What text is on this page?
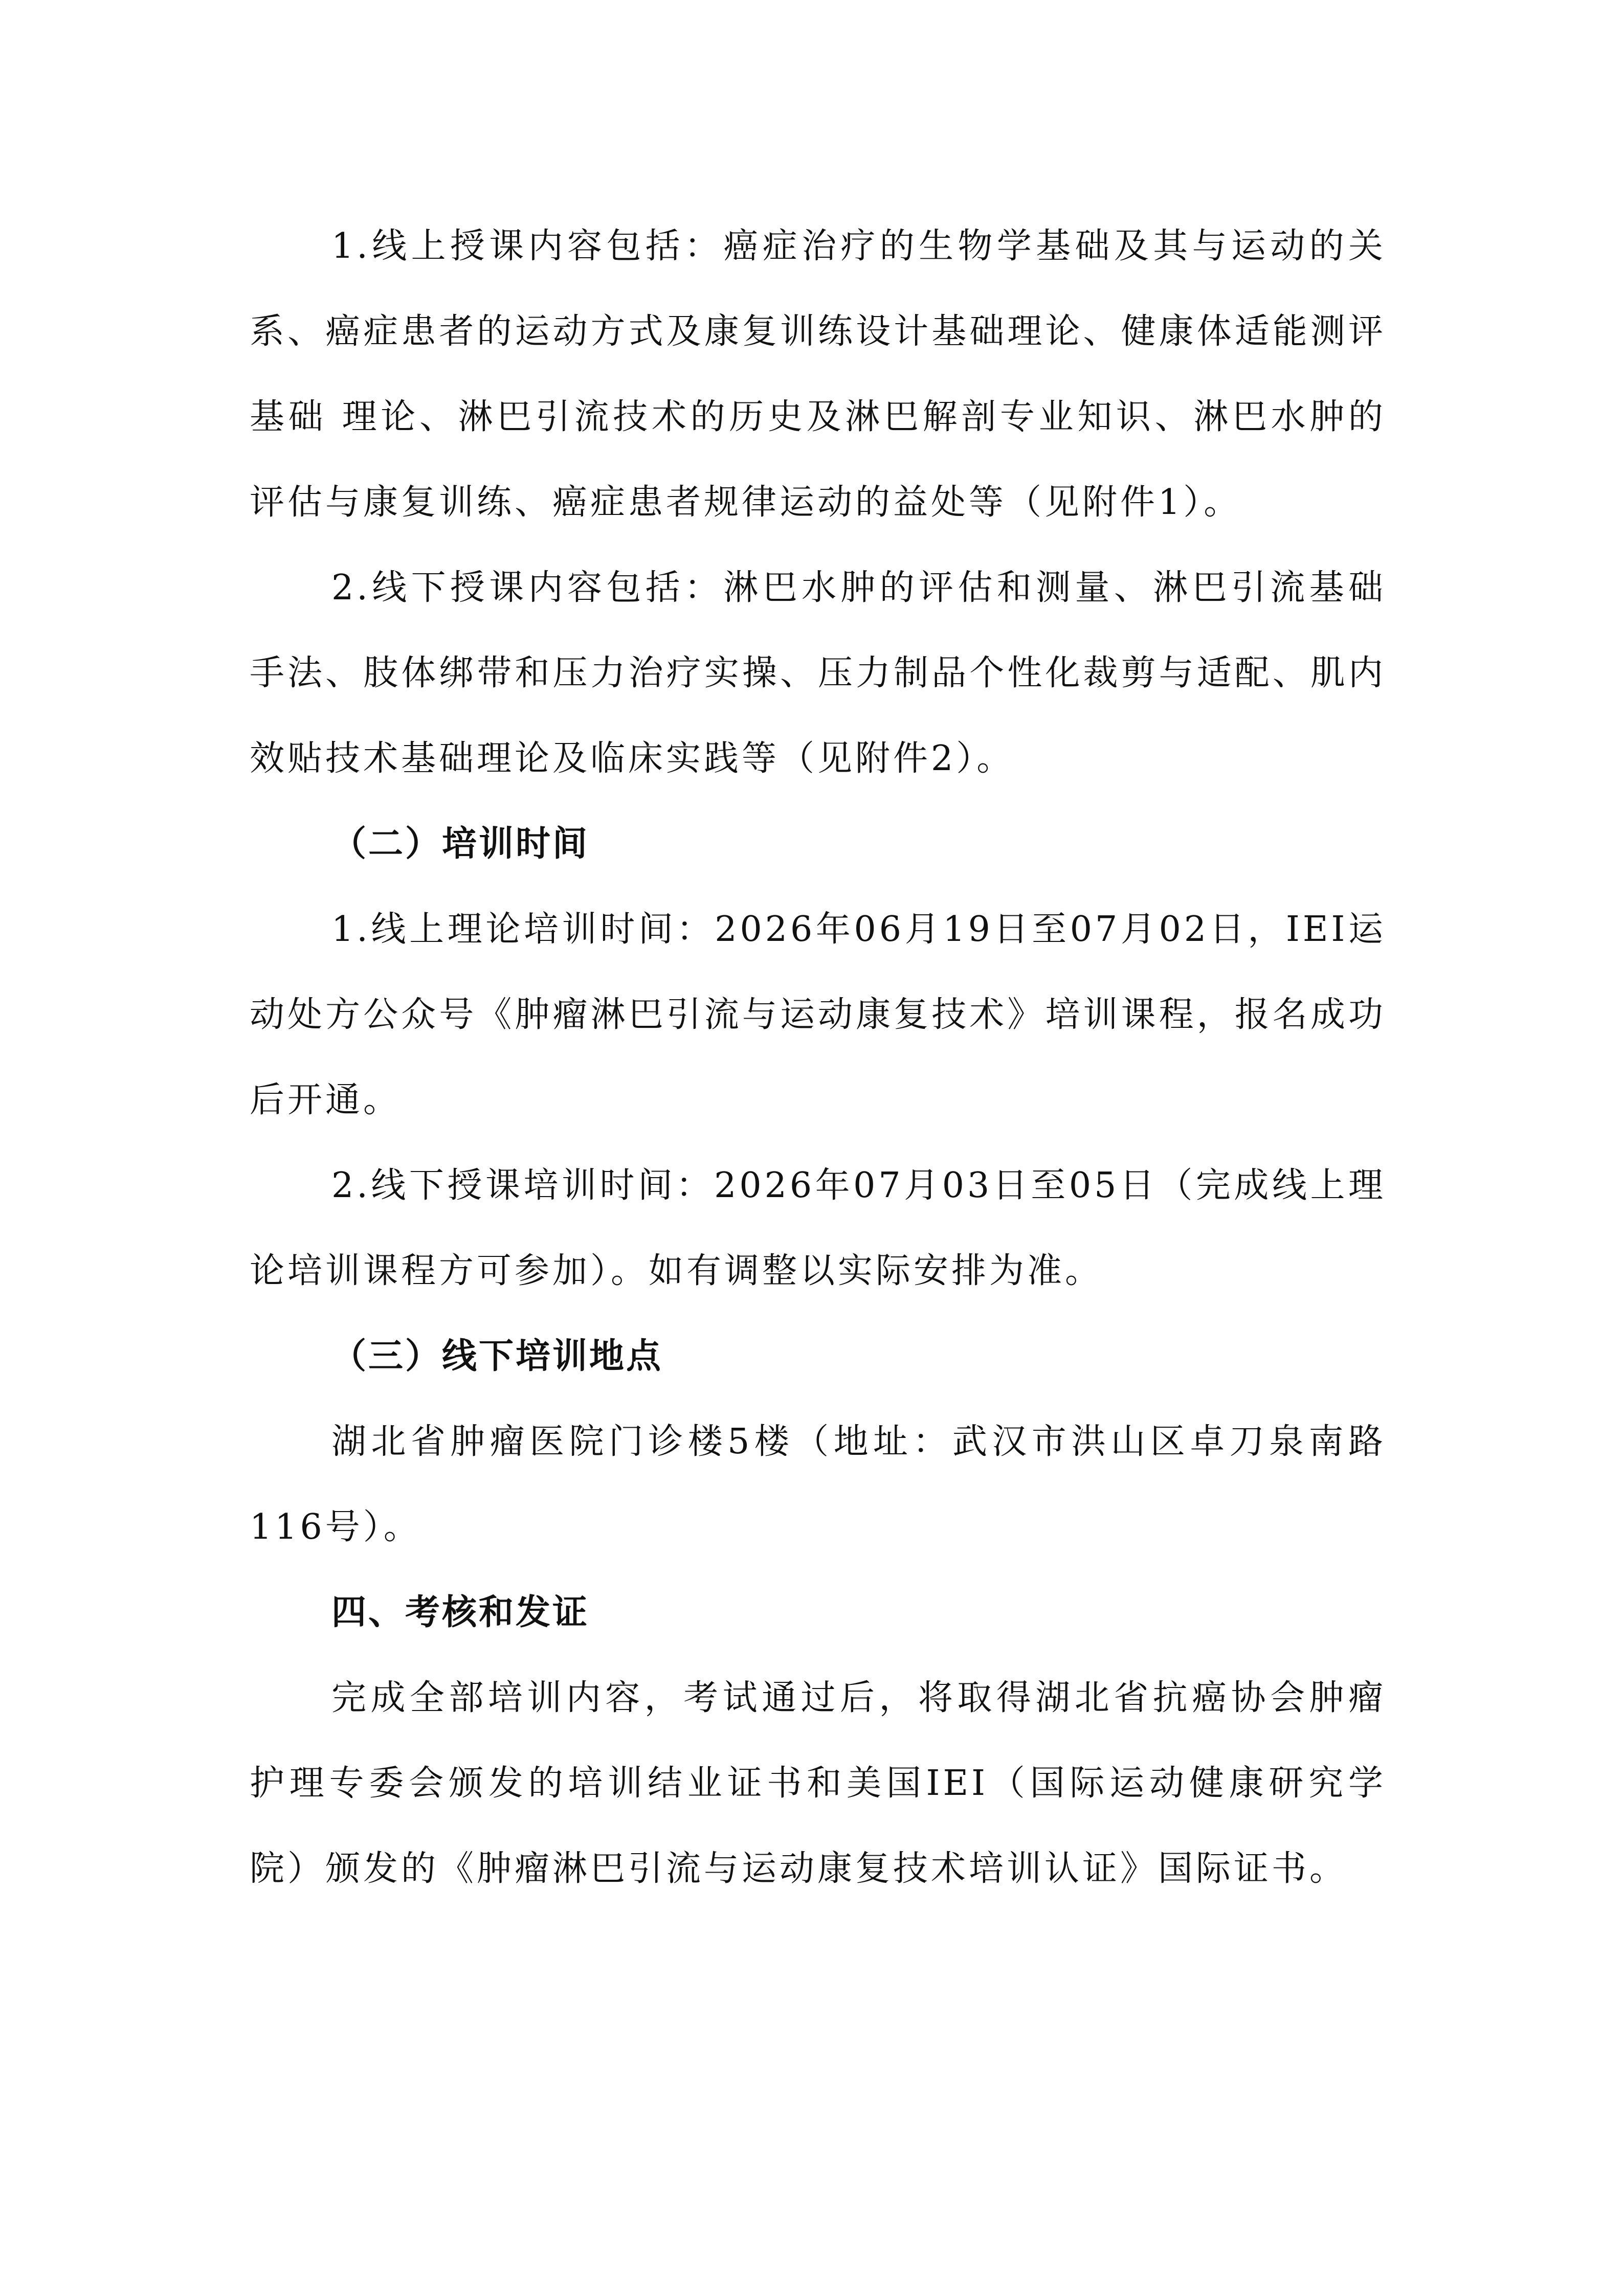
1.线上授课内容包括：癌症治疗的生物学基础及其与运动的关系、癌症患者的运动方式及康复训练设计基础理论、健康体适能测评基础 理论、淋巴引流技术的历史及淋巴解剖专业知识、淋巴水肿的评估与康复训练、癌症患者规律运动的益处等（见附件1）。

2.线下授课内容包括：淋巴水肿的评估和测量、淋巴引流基础手法、肢体绑带和压力治疗实操、压力制品个性化裁剪与适配、肌内效贴技术基础理论及临床实践等（见附件2）。

（二）培训时间

1.线上理论培训时间：2026年06月19日至07月02日，IEI运动处方公众号《肿瘤淋巴引流与运动康复技术》培训课程，报名成功后开通。

2.线下授课培训时间：2026年07月03日至05日（完成线上理论培训课程方可参加）。如有调整以实际安排为准。

（三）线下培训地点

湖北省肿瘤医院门诊楼5楼（地址：武汉市洪山区卓刀泉南路116号）。

四、考核和发证

完成全部培训内容，考试通过后，将取得湖北省抗癌协会肿瘤护理专委会颁发的培训结业证书和美国IEI（国际运动健康研究学院）颁发的《肿瘤淋巴引流与运动康复技术培训认证》国际证书。
